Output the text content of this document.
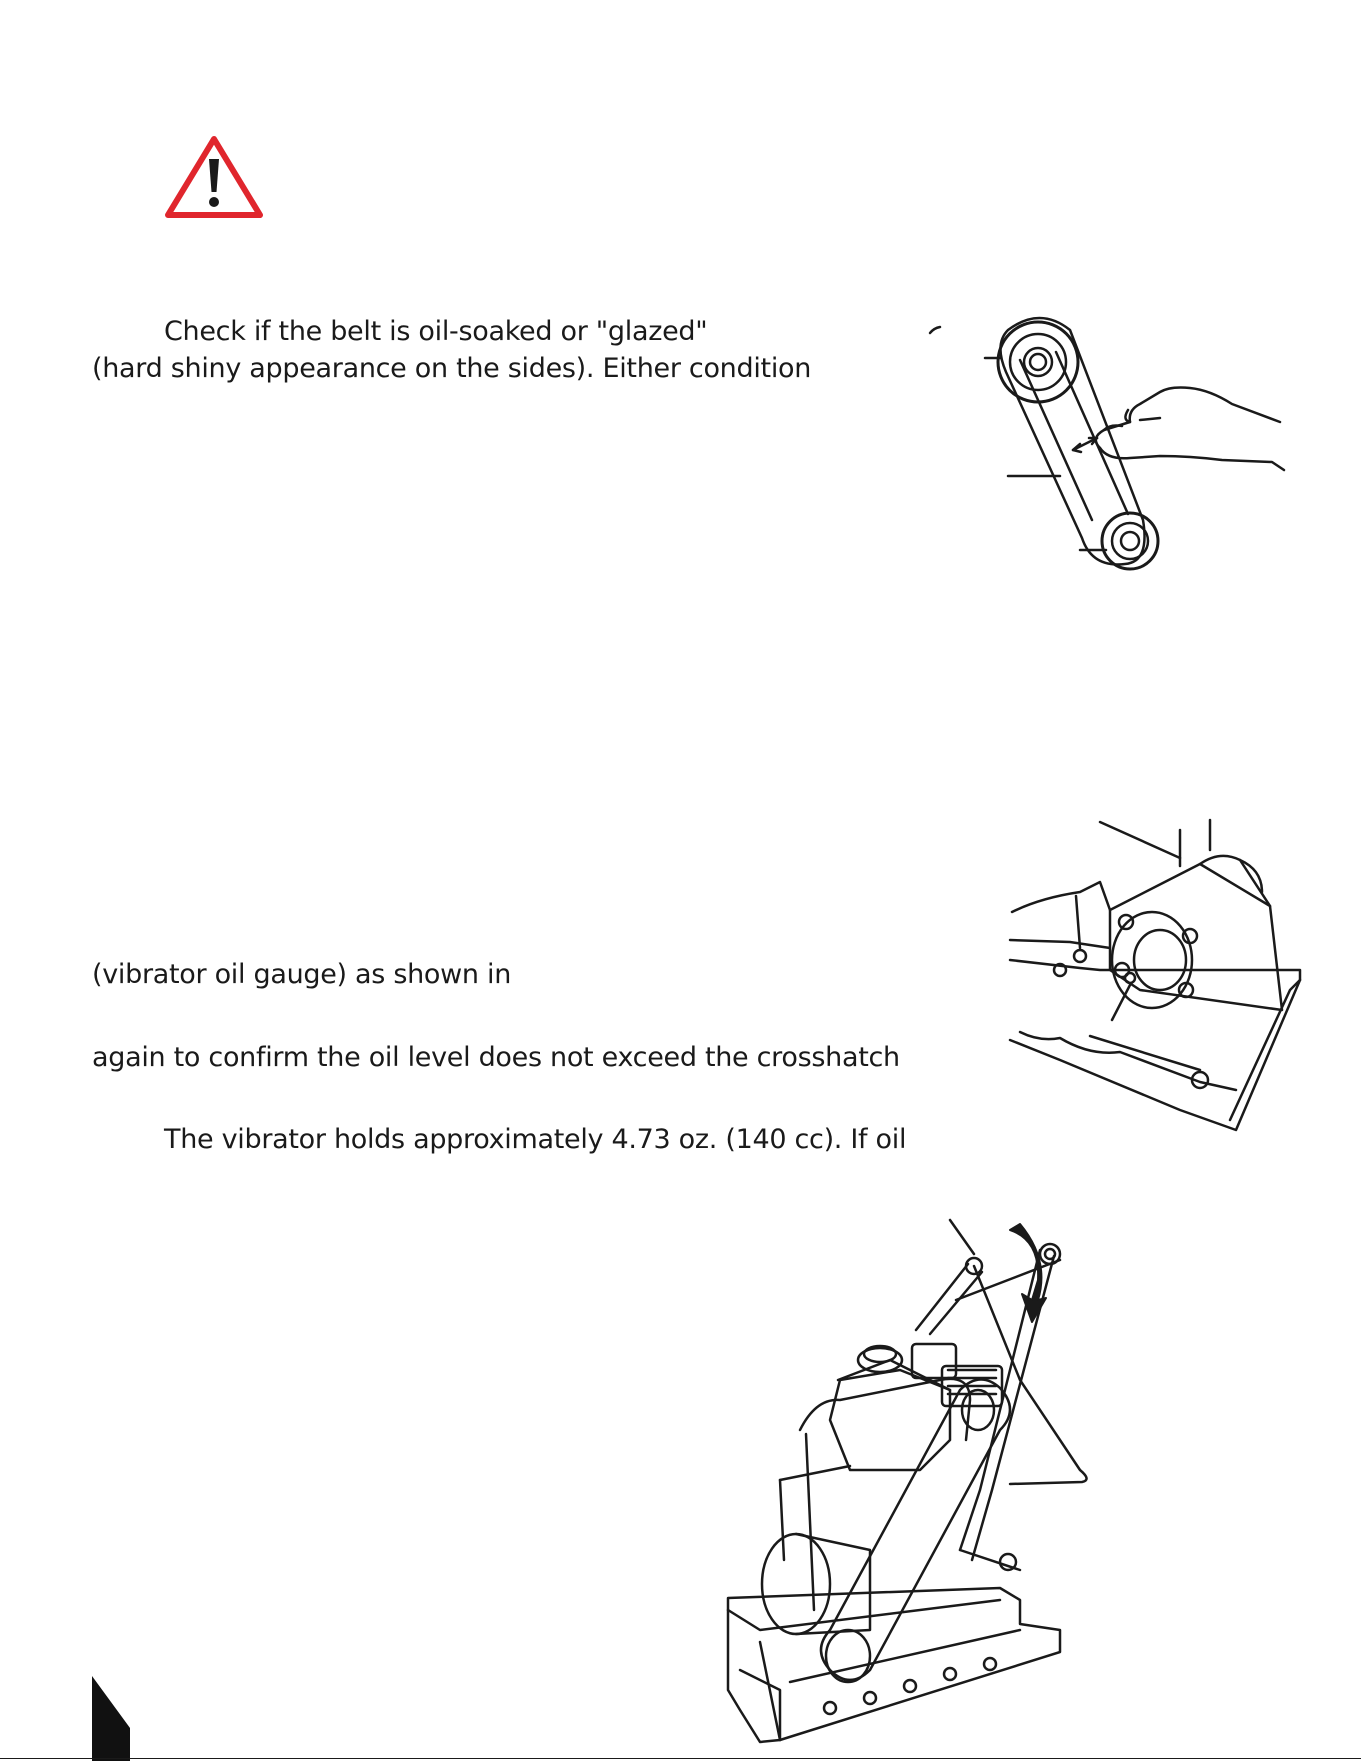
Check if the belt is oil-soaked or "glazed"
(hard shiny appearance on the sides). Either condition
(vibrator oil gauge) as shown in
again to confirm the oil level does not exceed the crosshatch
The vibrator holds approximately 4.73 oz. (140 cc). If oil
